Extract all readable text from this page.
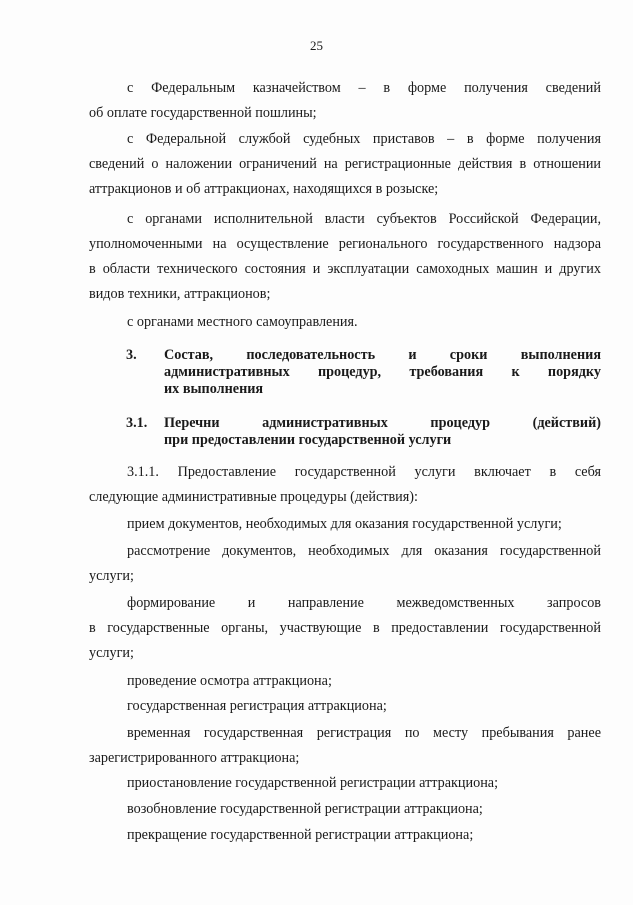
25
с Федеральным казначейством – в форме получения сведений
об оплате государственной пошлины;
с Федеральной службой судебных приставов – в форме получения
сведений о наложении ограничений на регистрационные действия в отношении
аттракционов и об аттракционах, находящихся в розыске;
с органами исполнительной власти субъектов Российской Федерации,
уполномоченными на осуществление регионального государственного надзора
в области технического состояния и эксплуатации самоходных машин и других
видов техники, аттракционов;
с органами местного самоуправления.
3. Состав, последовательность и сроки выполнения
административных процедур, требования к порядку
их выполнения
3.1. Перечни административных процедур (действий)
при предоставлении государственной услуги
3.1.1. Предоставление государственной услуги включает в себя
следующие административные процедуры (действия):
прием документов, необходимых для оказания государственной услуги;
рассмотрение документов, необходимых для оказания государственной
услуги;
формирование и направление межведомственных запросов
в государственные органы, участвующие в предоставлении государственной
услуги;
проведение осмотра аттракциона;
государственная регистрация аттракциона;
временная государственная регистрация по месту пребывания ранее
зарегистрированного аттракциона;
приостановление государственной регистрации аттракциона;
возобновление государственной регистрации аттракциона;
прекращение государственной регистрации аттракциона;
